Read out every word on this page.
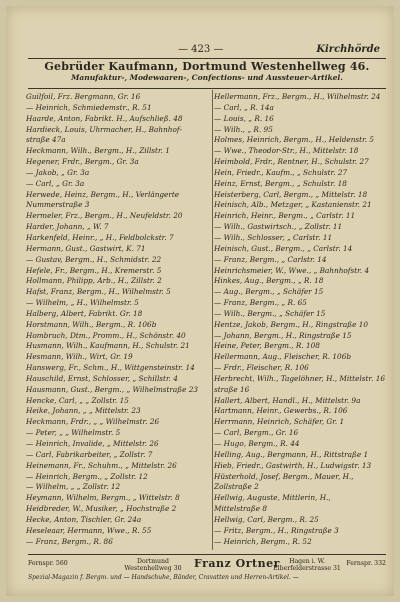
— 423 —	Kirchhörde
Gebrüder Kaufmann, Dortmund Westenhellweg 46.
Manufaktur-, Modewaaren-, Confections- und Aussteuer-Artikel.
Guilfoil, Frz. Bergmann, Gr. 16
— Heinrich, Schmiedemstr., R. 51
Haarde, Anton, Fabrikt. H., Aufschließ. 48
Hardieck, Louis, Uhrmacher, H., Bahnhof-
straße 47a
Heckmann, Wilh., Bergm., H., Zillstr. 1
Hegener, Frdr., Bergm., Gr. 3a
— Jakob, „ Gr. 3a
— Carl, „ Gr. 3a
Herwede, Heinz, Bergm., H., Verlängerte
Nummerstraße 3
Hermeler, Frz., Bergm., H., Neufeldstr. 20
Harder, Johann, „ W. 7
Harkenfeld, Heinr., „ H., Feldbolckstr. 7
Hermann, Gust., Gastwirt, K. 71
— Gustav, Bergm., H., Schmidstr. 22
Hefele, Fr., Bergm., H., Kremerstr. 5
Hollmann, Philipp, Arb., H., Zillstr. 2
Hafst, Franz, Bergm., H., Wilhelmstr. 5
— Wilhelm, „ H., Wilhelmstr. 5
Halberg, Albert, Fabrikt. Gr. 18
Horstmann, Wilh., Bergm., R. 106b
Hombruch, Dtm., Promm., H., Schönstr. 40
Husmann, Wilh., Kaufmann, H., Schulstr. 21
Hesmann, Wilh., Wirt, Gr. 19
Hanswerg, Fr., Schm., H., Wittgensteinstr. 14
Hauschild, Ernst, Schlosser, „ Schillstr. 4
Hausmann, Gust., Bergm., „ Wilhelmstraße 23
Hencke, Carl, „ „ Zollstr. 15
Heike, Johann, „ „ Mittelstr. 23
Heckmann, Frdr., „ „ Wilhelmstr. 26
— Peter, „ „ Wilhelmstr. 5
— Heinrich, Invalide, „ Mittelstr. 26
— Carl, Fabrikarbeiter, „ Zollstr. 7
Heinemann, Fr., Schuhm., „ Mittelstr. 26
— Heinrich, Bergm., „ Zollstr. 12
— Wilhelm, „ „ Zollstr. 12
Heymann, Wilhelm, Bergm., „ Wittelstr. 8
Heidbreder, W., Musiker, „ Hochstraße 2
Hecke, Anton, Tischler, Gr. 24a
Heseleaar, Hermann, Wwe., R. 55
— Franz, Bergm., R. 86
Hellermann, Frz., Bergm., H., Wilhelmstr. 24
— Carl, „ R. 14a
— Louis, „ R. 16
— Wilh., „ R. 95
Holmes, Heinrich, Bergm., H., Heldenstr. 5
— Wwe., Theodor-Str., H., Mittelstr. 18
Heimbold, Frdr., Rentner, H., Schulstr. 27
Hein, Friedr., Kaufm., „ Schulstr. 27
Heinz, Ernst, Bergm., „ Schulstr. 18
Heisterberg, Carl, Bergm., „ Mittelstr. 18
Heinisch, Alb., Metzger, „ Kastanienstr. 21
Heinrich, Heinr., Bergm., „ Carlstr. 11
— Wilh., Gastwirtsch., „ Zollstr. 11
— Wilh., Schlosser, „ Carlstr. 11
Heinisch, Gust., Bergm., „ Carlstr. 14
— Franz, Bergm., „ Carlstr. 14
Heinrichsmeier, W., Wwe., „ Bahnhofstr. 4
Hinkes, Aug., Bergm., „ R. 18
— Aug., Bergm., „ Schäfer 15
— Franz, Bergm., „ R. 65
— Wilh., Bergm., „ Schäfer 15
Hentze, Jakob, Bergm., H., Ringstraße 10
— Johann, Bergm., H., Ringstraße 15
Heine, Peter, Bergm., R. 108
Hellermann, Aug., Fleischer, R. 106b
— Frdr., Fleischer, R. 106
Herbrecht, Wilh., Tagelöhner, H., Mittelstr. 16
straße 16
Hallert, Albert, Handl., H., Mittelstr. 9a
Hartmann, Heinr., Gewerbs., R. 106
Herrmann, Heinrich, Schäfer, Gr. 1
— Carl, Bergm., Gr. 16
— Hugo, Bergm., R. 44
Helling, Aug., Bergmann, H., Rittstraße 1
Hieb, Friedr., Gastwirth, H., Ludwigstr. 13
Hüsterhold, Josef, Bergm., Mauer, H.,
Zollstraße 2
Hellwig, Auguste, Mittlerin, H.,
Mittelstraße 8
Hellwig, Carl, Bergm., R. 25
— Fritz, Bergm., H., Ringstraße 3
— Heinrich, Bergm., R. 52
Fernspr. 560	Dortmund Westenhellweg 30	Franz Ortner	Hagen i. W. Elberfelderstrasse 31
Fernspr. 332
Spezial-Magazin f. Bergm. und — Handschuhe, Bänder, Cravatten und Herren-Artikel. —
